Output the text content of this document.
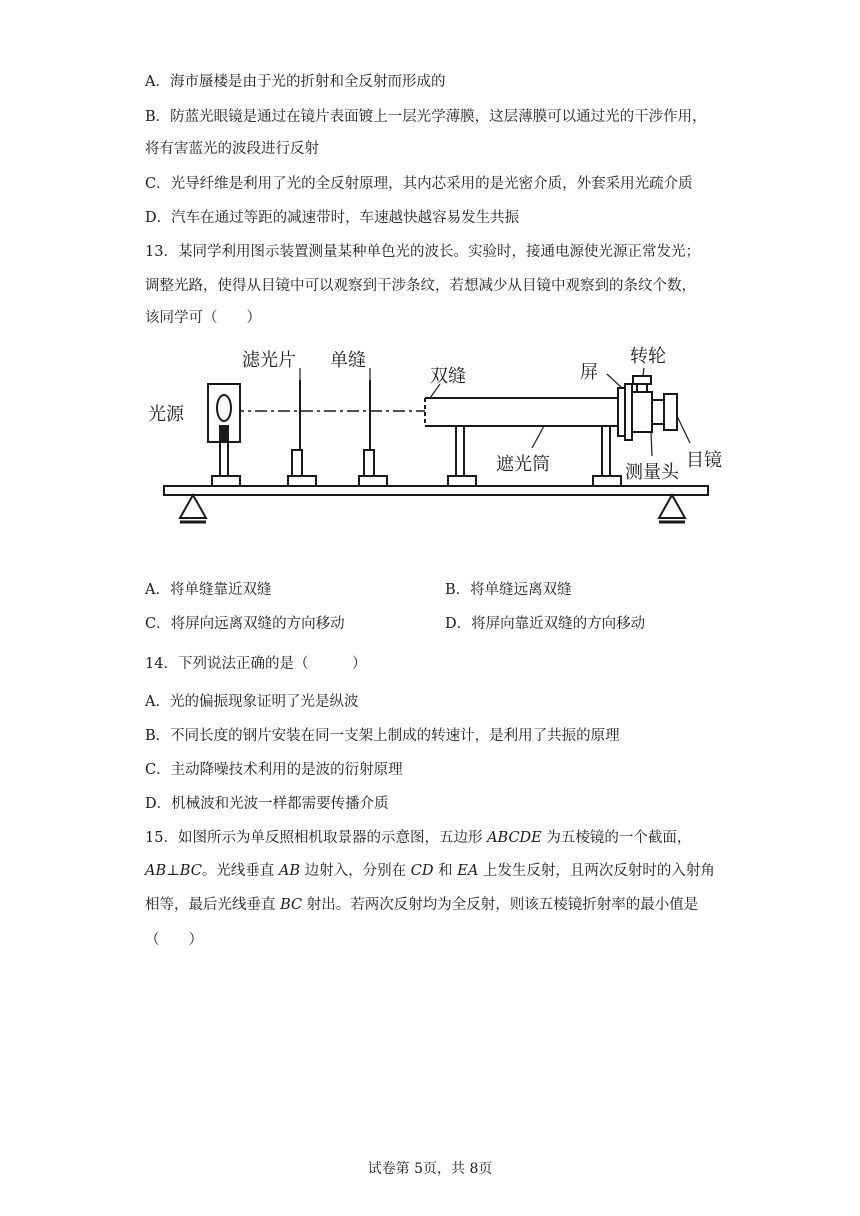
A．海市蜃楼是由于光的折射和全反射而形成的
B．防蓝光眼镜是通过在镜片表面镀上一层光学薄膜，这层薄膜可以通过光的干涉作用，
将有害蓝光的波段进行反射
C．光导纤维是利用了光的全反射原理，其内芯采用的是光密介质，外套采用光疏介质
D．汽车在通过等距的减速带时，车速越快越容易发生共振
13．某同学利用图示装置测量某种单色光的波长。实验时，接通电源使光源正常发光；
调整光路，使得从目镜中可以观察到干涉条纹，若想减少从目镜中观察到的条纹个数，
该同学可（　　）
光源
滤光片 单缝
双缝	屏
转轮
遮光筒	测量头
目镜
A．将单缝靠近双缝	B．将单缝远离双缝
C．将屏向远离双缝的方向移动	D．将屏向靠近双缝的方向移动
14．下列说法正确的是（　　　）
A．光的偏振现象证明了光是纵波
B．不同长度的钢片安装在同一支架上制成的转速计，是利用了共振的原理
C．主动降噪技术利用的是波的衍射原理
D．机械波和光波一样都需要传播介质
15．如图所示为单反照相机取景器的示意图，五边形 ABCDE 为五棱镜的一个截面，
AB⊥BC。光线垂直 AB 边射入，分别在 CD 和 EA 上发生反射，且两次反射时的入射角
相等，最后光线垂直 BC 射出。若两次反射均为全反射，则该五棱镜折射率的最小值是
（　　）
试卷第 5页，共 8页
